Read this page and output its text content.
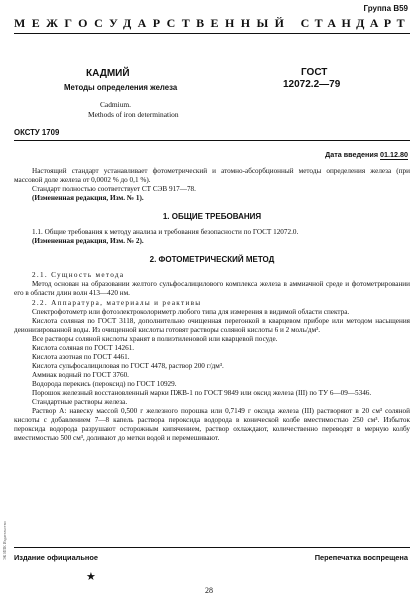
Группа В59
МЕЖГОСУДАРСТВЕННЫЙ СТАНДАРТ
КАДМИЙ
Методы определения железа
Cadmium.
Methods of iron determination
ГОСТ
12072.2—79
ОКСТУ 1709
Дата введения 01.12.80

Настоящий стандарт устанавливает фотометрический и атомно-абсорбционный методы определения железа (при массовой доле железа от 0,0002 % до 0,1 %).

Стандарт полностью соответствует СТ СЭВ 917—78.

(Измененная редакция, Изм. № 1).

1. ОБЩИЕ ТРЕБОВАНИЯ

1.1. Общие требования к методу анализа и требования безопасности по ГОСТ 12072.0.

(Измененная редакция, Изм. № 2).

2. ФОТОМЕТРИЧЕСКИЙ МЕТОД

2.1. Сущность метода

Метод основан на образовании желтого сульфосалицилового комплекса железа в аммиачной среде и фотометрировании его в области длин волн 413—420 нм.

2.2. Аппаратура, материалы и реактивы

Спектрофотометр или фотоэлектроколориметр любого типа для измерения в видимой области спектра.

Кислота соляная по ГОСТ 3118, дополнительно очищенная перегонкой в кварцевом приборе или методом насыщения деионизированной воды. Из очищенной кислоты готовят растворы соляной кислоты 6 и 2 моль/дм³.

Все растворы соляной кислоты хранят в полиэтиленовой или кварцевой посуде.

Кислота соляная по ГОСТ 14261.

Кислота азотная по ГОСТ 4461.

Кислота сульфосалициловая по ГОСТ 4478, раствор 200 г/дм³.

Аммиак водный по ГОСТ 3760.

Водорода перекись (пероксид) по ГОСТ 10929.

Порошок железный восстановленный марки ПЖВ-1 по ГОСТ 9849 или оксид железа (III) по ТУ 6—09—5346.

Стандартные растворы железа.

Раствор А: навеску массой 0,500 г железного порошка или 0,7149 г оксида железа (III) растворяют в 20 см³ соляной кислоты с добавлением 7—8 капель раствора пероксида водорода в конической колбе вместимостью 250 см³. Избыток пероксида водорода разрушают осторожным кипячением, раствор охлаждают, количественно переводят в мерную колбу вместимостью 500 см³, доливают до метки водой и перемешивают.

Издание официальное	Перепечатка воспрещена
★
28
ЭК ИПК Издательство
